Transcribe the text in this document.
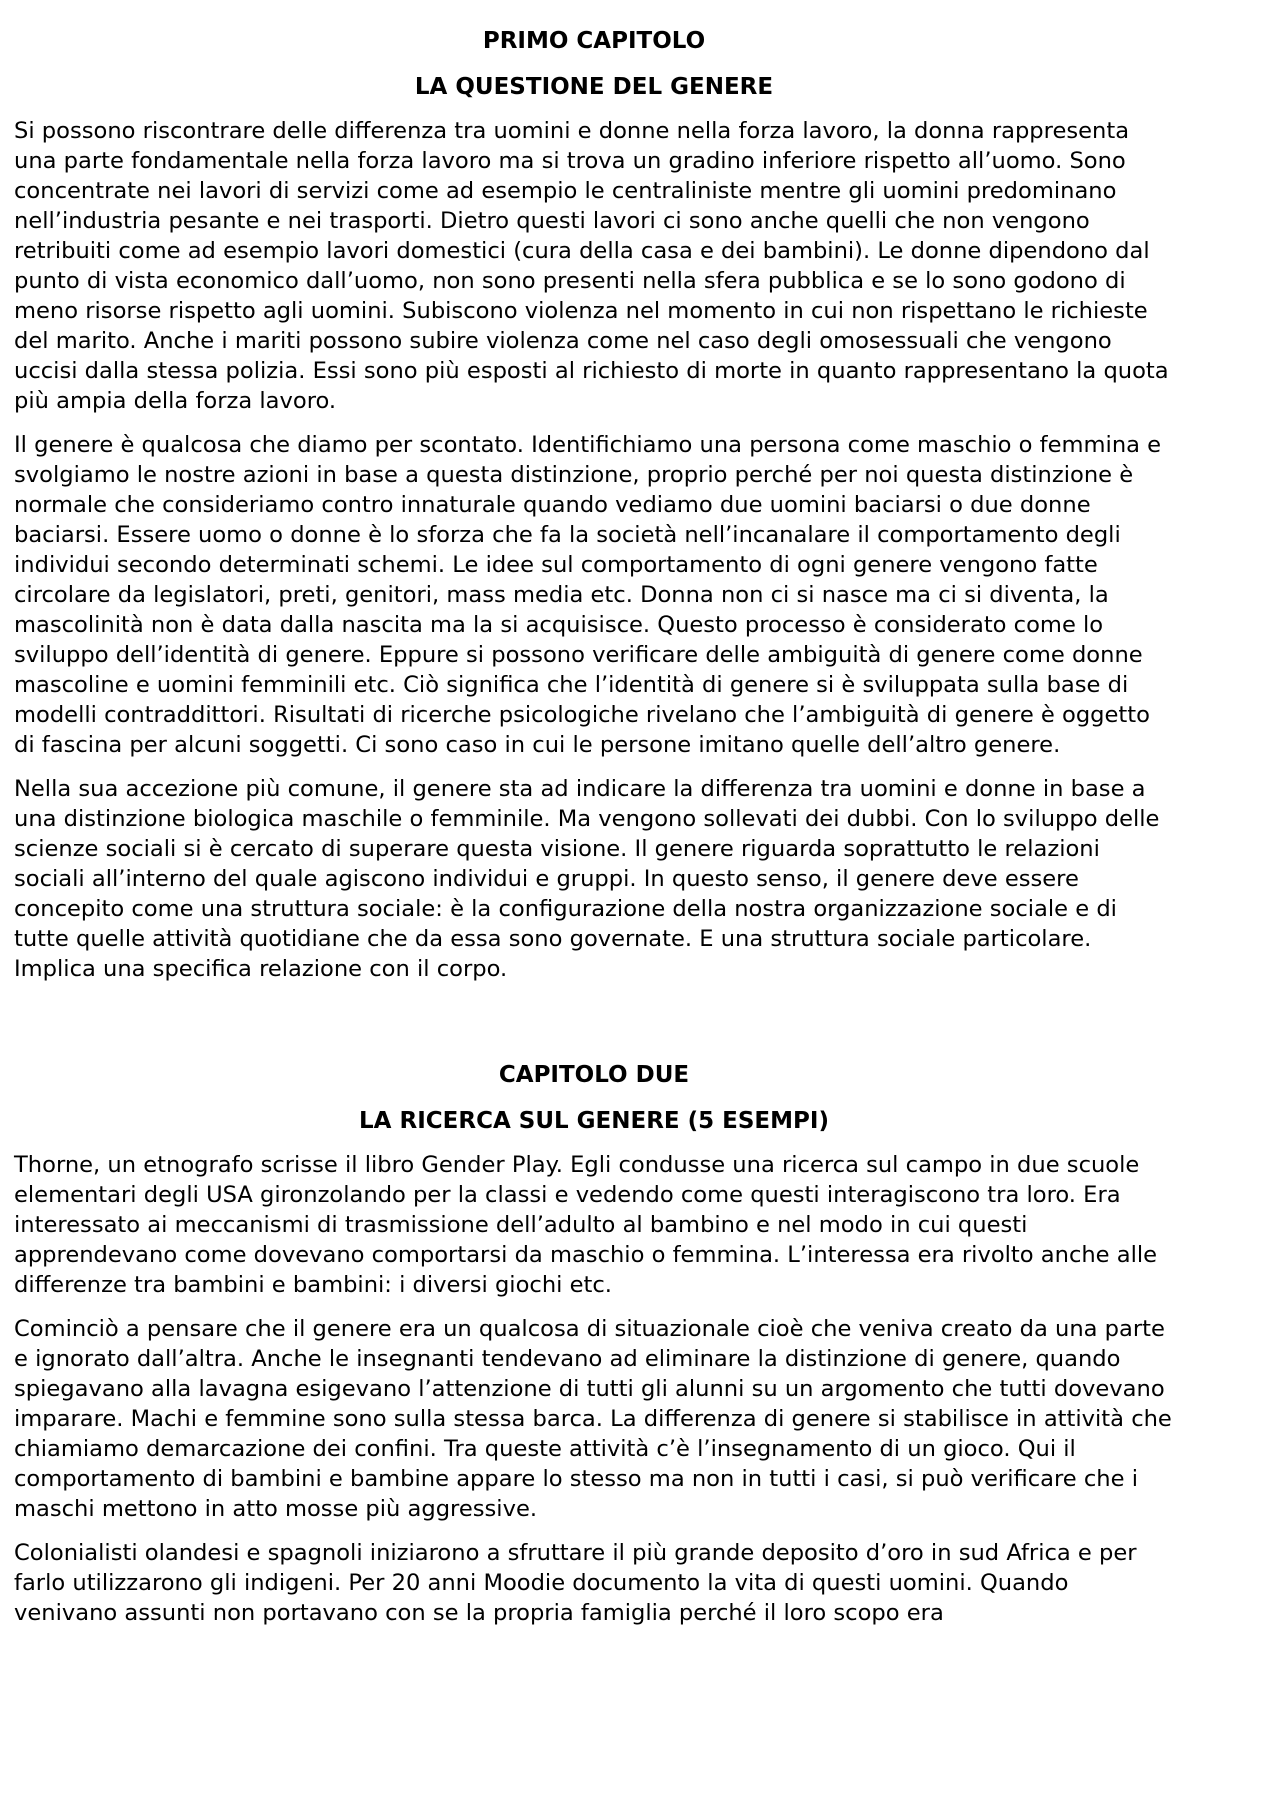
PRIMO CAPITOLO
LA QUESTIONE DEL GENERE

Si possono riscontrare delle differenza tra uomini e donne nella forza lavoro, la donna rappresenta una parte fondamentale nella forza lavoro ma si trova un gradino inferiore rispetto all’uomo. Sono concentrate nei lavori di servizi come ad esempio le centraliniste mentre gli uomini predominano nell’industria pesante e nei trasporti. Dietro questi lavori ci sono anche quelli che non vengono retribuiti come ad esempio lavori domestici (cura della casa e dei bambini). Le donne dipendono dal punto di vista economico dall’uomo, non sono presenti nella sfera pubblica e se lo sono godono di meno risorse rispetto agli uomini. Subiscono violenza nel momento in cui non rispettano le richieste del marito. Anche i mariti possono subire violenza come nel caso degli omosessuali che vengono uccisi dalla stessa polizia. Essi sono più esposti al richiesto di morte in quanto rappresentano la quota più ampia della forza lavoro.

Il genere è qualcosa che diamo per scontato. Identifichiamo una persona come maschio o femmina e svolgiamo le nostre azioni in base a questa distinzione, proprio perché per noi questa distinzione è normale che consideriamo contro innaturale quando vediamo due uomini baciarsi o due donne baciarsi. Essere uomo o donne è lo sforza che fa la società nell’incanalare il comportamento degli individui secondo determinati schemi. Le idee sul comportamento di ogni genere vengono fatte circolare da legislatori, preti, genitori, mass media etc. Donna non ci si nasce ma ci si diventa, la mascolinità non è data dalla nascita ma la si acquisisce. Questo processo è considerato come lo sviluppo dell’identità di genere. Eppure si possono verificare delle ambiguità di genere come donne mascoline e uomini femminili etc. Ciò significa che l’identità di genere si è sviluppata sulla base di modelli contraddittori. Risultati di ricerche psicologiche rivelano che l’ambiguità di genere è oggetto di fascina per alcuni soggetti. Ci sono caso in cui le persone imitano quelle dell’altro genere.

Nella sua accezione più comune, il genere sta ad indicare la differenza tra uomini e donne in base a una distinzione biologica maschile o femminile. Ma vengono sollevati dei dubbi. Con lo sviluppo delle scienze sociali si è cercato di superare questa visione. Il genere riguarda soprattutto le relazioni sociali all’interno del quale agiscono individui e gruppi. In questo senso, il genere deve essere concepito come una struttura sociale: è la configurazione della nostra organizzazione sociale e di tutte quelle attività quotidiane che da essa sono governate. E una struttura sociale particolare. Implica una specifica relazione con il corpo.

CAPITOLO DUE
LA RICERCA SUL GENERE (5 ESEMPI)

Thorne, un etnografo scrisse il libro Gender Play. Egli condusse una ricerca sul campo in due scuole elementari degli USA gironzolando per la classi e vedendo come questi interagiscono tra loro. Era interessato ai meccanismi di trasmissione dell’adulto al bambino e nel modo in cui questi apprendevano come dovevano comportarsi da maschio o femmina. L’interessa era rivolto anche alle differenze tra bambini e bambini: i diversi giochi etc.

Cominciò a pensare che il genere era un qualcosa di situazionale cioè che veniva creato da una parte e ignorato dall’altra. Anche le insegnanti tendevano ad eliminare la distinzione di genere, quando spiegavano alla lavagna esigevano l’attenzione di tutti gli alunni su un argomento che tutti dovevano imparare. Machi e femmine sono sulla stessa barca. La differenza di genere si stabilisce in attività che chiamiamo demarcazione dei confini. Tra queste attività c’è l’insegnamento di un gioco. Qui il comportamento di bambini e bambine appare lo stesso ma non in tutti i casi, si può verificare che i maschi mettono in atto mosse più aggressive.

Colonialisti olandesi e spagnoli iniziarono a sfruttare il più grande deposito d’oro in sud Africa e per farlo utilizzarono gli indigeni. Per 20 anni Moodie documento la vita di questi uomini. Quando venivano assunti non portavano con se la propria famiglia perché il loro scopo era
